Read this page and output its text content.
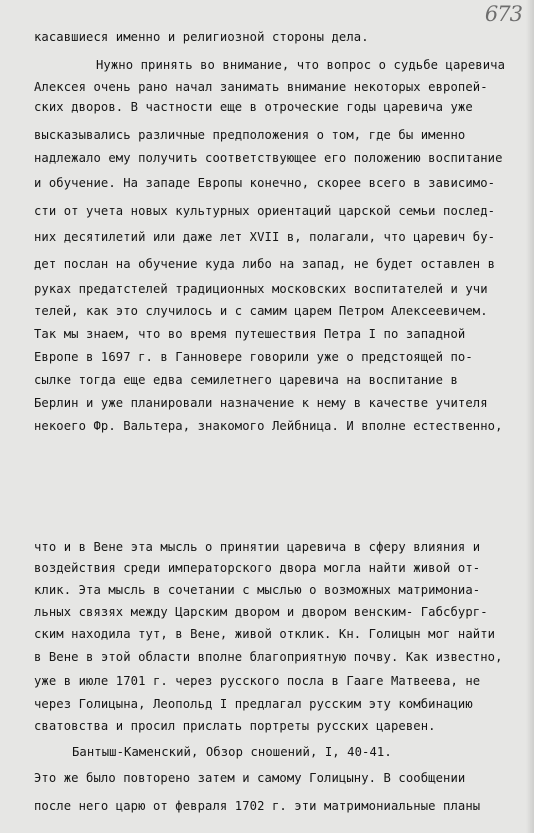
673
касавшиеся именно и религиозной стороны дела.
Нужно принять во внимание, что вопрос о судьбе царевича
Алексея очень рано начал занимать внимание некоторых европей-
ских дворов. В частности еще в отроческие годы царевича уже
высказывались различные предположения о том, где бы именно
надлежало ему получить соответствующее его положению воспитание
и обучение. На западе Европы конечно, скорее всего в зависимо-
сти от учета новых культурных ориентаций царской семьи послед-
них десятилетий или даже лет XVII в, полагали, что царевич бу-
дет послан на обучение куда либо на запад, не будет оставлен в
руках предатстелей традиционных московских воспитателей и учи
телей, как это случилось и с самим царем Петром Алексеевичем.
Так мы знаем, что во время путешествия Петра I по западной
Европе в 1697 г. в Ганновере говорили уже о предстоящей по-
сылке тогда еще едва семилетнего царевича на воспитание в
Берлин и уже планировали назначение к нему в качестве учителя
некоего Фр. Вальтера, знакомого Лейбница. И вполне естественно,
что и в Вене эта мысль о принятии царевича в сферу влияния и
воздействия среди императорского двора могла найти живой от-
клик. Эта мысль в сочетании с мыслью о возможных матримониа-
льных связях между Царским двором и двором венским- Габсбург-
ским находила тут, в Вене, живой отклик. Кн. Голицын мог найти
в Вене в этой области вполне благоприятную почву. Как известно,
уже в июле 1701 г. через русского посла в Гааге Матвеева, не
через Голицына, Леопольд I предлагал русским эту комбинацию
сватовства и просил прислать портреты русских царевен.
Бантыш-Каменский, Обзор сношений, I, 40-41.
Это же было повторено затем и самому Голицыну. В сообщении
после него царю от февраля 1702 г. эти матримониальные планы
